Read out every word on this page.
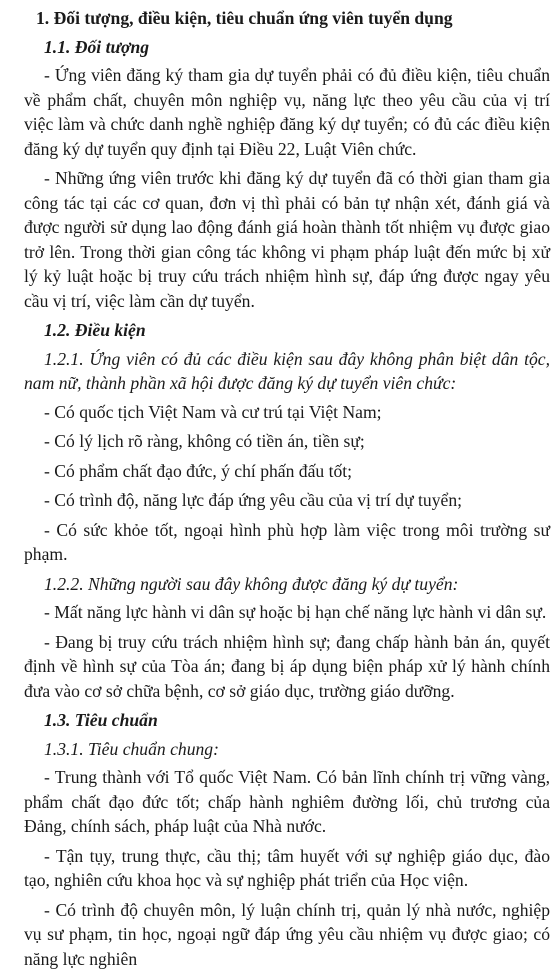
1. Đối tượng, điều kiện, tiêu chuẩn ứng viên tuyển dụng
1.1. Đối tượng
- Ứng viên đăng ký tham gia dự tuyển phải có đủ điều kiện, tiêu chuẩn về phẩm chất, chuyên môn nghiệp vụ, năng lực theo yêu cầu của vị trí việc làm và chức danh nghề nghiệp đăng ký dự tuyển; có đủ các điều kiện đăng ký dự tuyển quy định tại Điều 22, Luật Viên chức.
- Những ứng viên trước khi đăng ký dự tuyển đã có thời gian tham gia công tác tại các cơ quan, đơn vị thì phải có bản tự nhận xét, đánh giá và được người sử dụng lao động đánh giá hoàn thành tốt nhiệm vụ được giao trở lên. Trong thời gian công tác không vi phạm pháp luật đến mức bị xử lý kỷ luật hoặc bị truy cứu trách nhiệm hình sự, đáp ứng được ngay yêu cầu vị trí, việc làm cần dự tuyển.
1.2. Điều kiện
1.2.1. Ứng viên có đủ các điều kiện sau đây không phân biệt dân tộc, nam nữ, thành phần xã hội được đăng ký dự tuyển viên chức:
- Có quốc tịch Việt Nam và cư trú tại Việt Nam;
- Có lý lịch rõ ràng, không có tiền án, tiền sự;
- Có phẩm chất đạo đức, ý chí phấn đấu tốt;
- Có trình độ, năng lực đáp ứng yêu cầu của vị trí dự tuyển;
- Có sức khỏe tốt, ngoại hình phù hợp làm việc trong môi trường sư phạm.
1.2.2. Những người sau đây không được đăng ký dự tuyển:
- Mất năng lực hành vi dân sự hoặc bị hạn chế năng lực hành vi dân sự.
- Đang bị truy cứu trách nhiệm hình sự; đang chấp hành bản án, quyết định về hình sự của Tòa án; đang bị áp dụng biện pháp xử lý hành chính đưa vào cơ sở chữa bệnh, cơ sở giáo dục, trường giáo dưỡng.
1.3. Tiêu chuẩn
1.3.1. Tiêu chuẩn chung:
- Trung thành với Tổ quốc Việt Nam. Có bản lĩnh chính trị vững vàng, phẩm chất đạo đức tốt; chấp hành nghiêm đường lối, chủ trương của Đảng, chính sách, pháp luật của Nhà nước.
- Tận tụy, trung thực, cầu thị; tâm huyết với sự nghiệp giáo dục, đào tạo, nghiên cứu khoa học và sự nghiệp phát triển của Học viện.
- Có trình độ chuyên môn, lý luận chính trị, quản lý nhà nước, nghiệp vụ sư phạm, tin học, ngoại ngữ đáp ứng yêu cầu nhiệm vụ được giao; có năng lực nghiên
